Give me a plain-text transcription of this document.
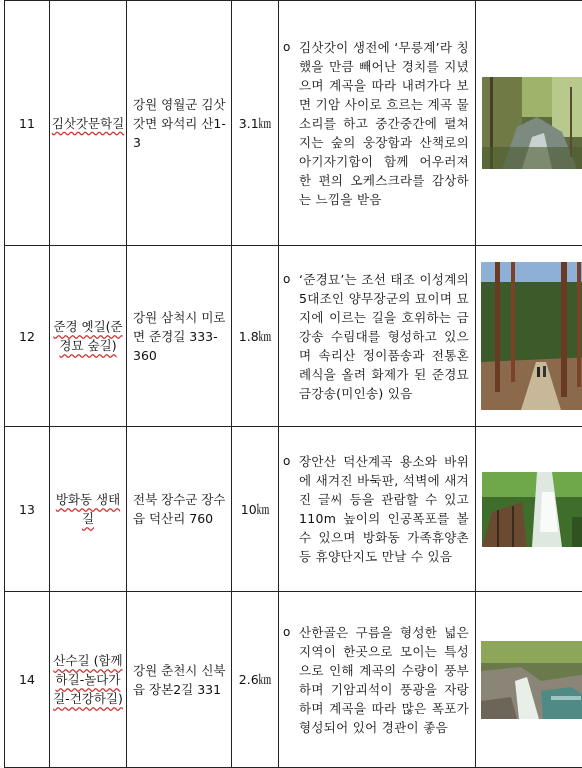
11	김삿갓문학길	강원 영월군 김삿갓면 와석리 산1-3	3.1㎞	o 김삿갓이 생전에 ‘무릉계’라 칭했을 만큼 빼어난 경치를 지녔으며 계곡을 따라 내려가다 보면 기암 사이로 흐르는 계곡 물소리를 하고 중간중간에 펼쳐지는 숲의 웅장함과 산책로의 아기자기함이 함께 어우러져 한 편의 오케스크라를 감상하는 느낌을 받음

12	준경 옛길(준경묘 숲길)	강원 삼척시 미로면 준경길 333-360	1.8㎞	o ‘준경묘’는 조선 태조 이성계의 5대조인 양무장군의 묘이며 묘지에 이르는 길을 호위하는 금강송 수림대를 형성하고 있으며 속리산 정이품송과 전통혼례식을 올려 화제가 된 준경묘 금강송(미인송) 있음

13	방화동 생태길	전북 장수군 장수읍 덕산리 760	10㎞	o 장안산 덕산계곡 용소와 바위에 새겨진 바둑판, 석벽에 새겨진 글씨 등을 관람할 수 있고 110m 높이의 인공폭포를 볼 수 있으며 방화동 가족휴양촌 등 휴양단지도 만날 수 있음

14	산수길 (함께하길-놀다가길-건강하길)	강원 춘천시 신북읍 장본2길 331	2.6㎞	o 산한골은 구름을 형성한 넓은 지역이 한곳으로 모이는 특성으로 인해 계곡의 수량이 풍부하며 기암괴석이 풍광을 자랑하며 계곡을 따라 많은 폭포가 형성되어 있어 경관이 좋음
